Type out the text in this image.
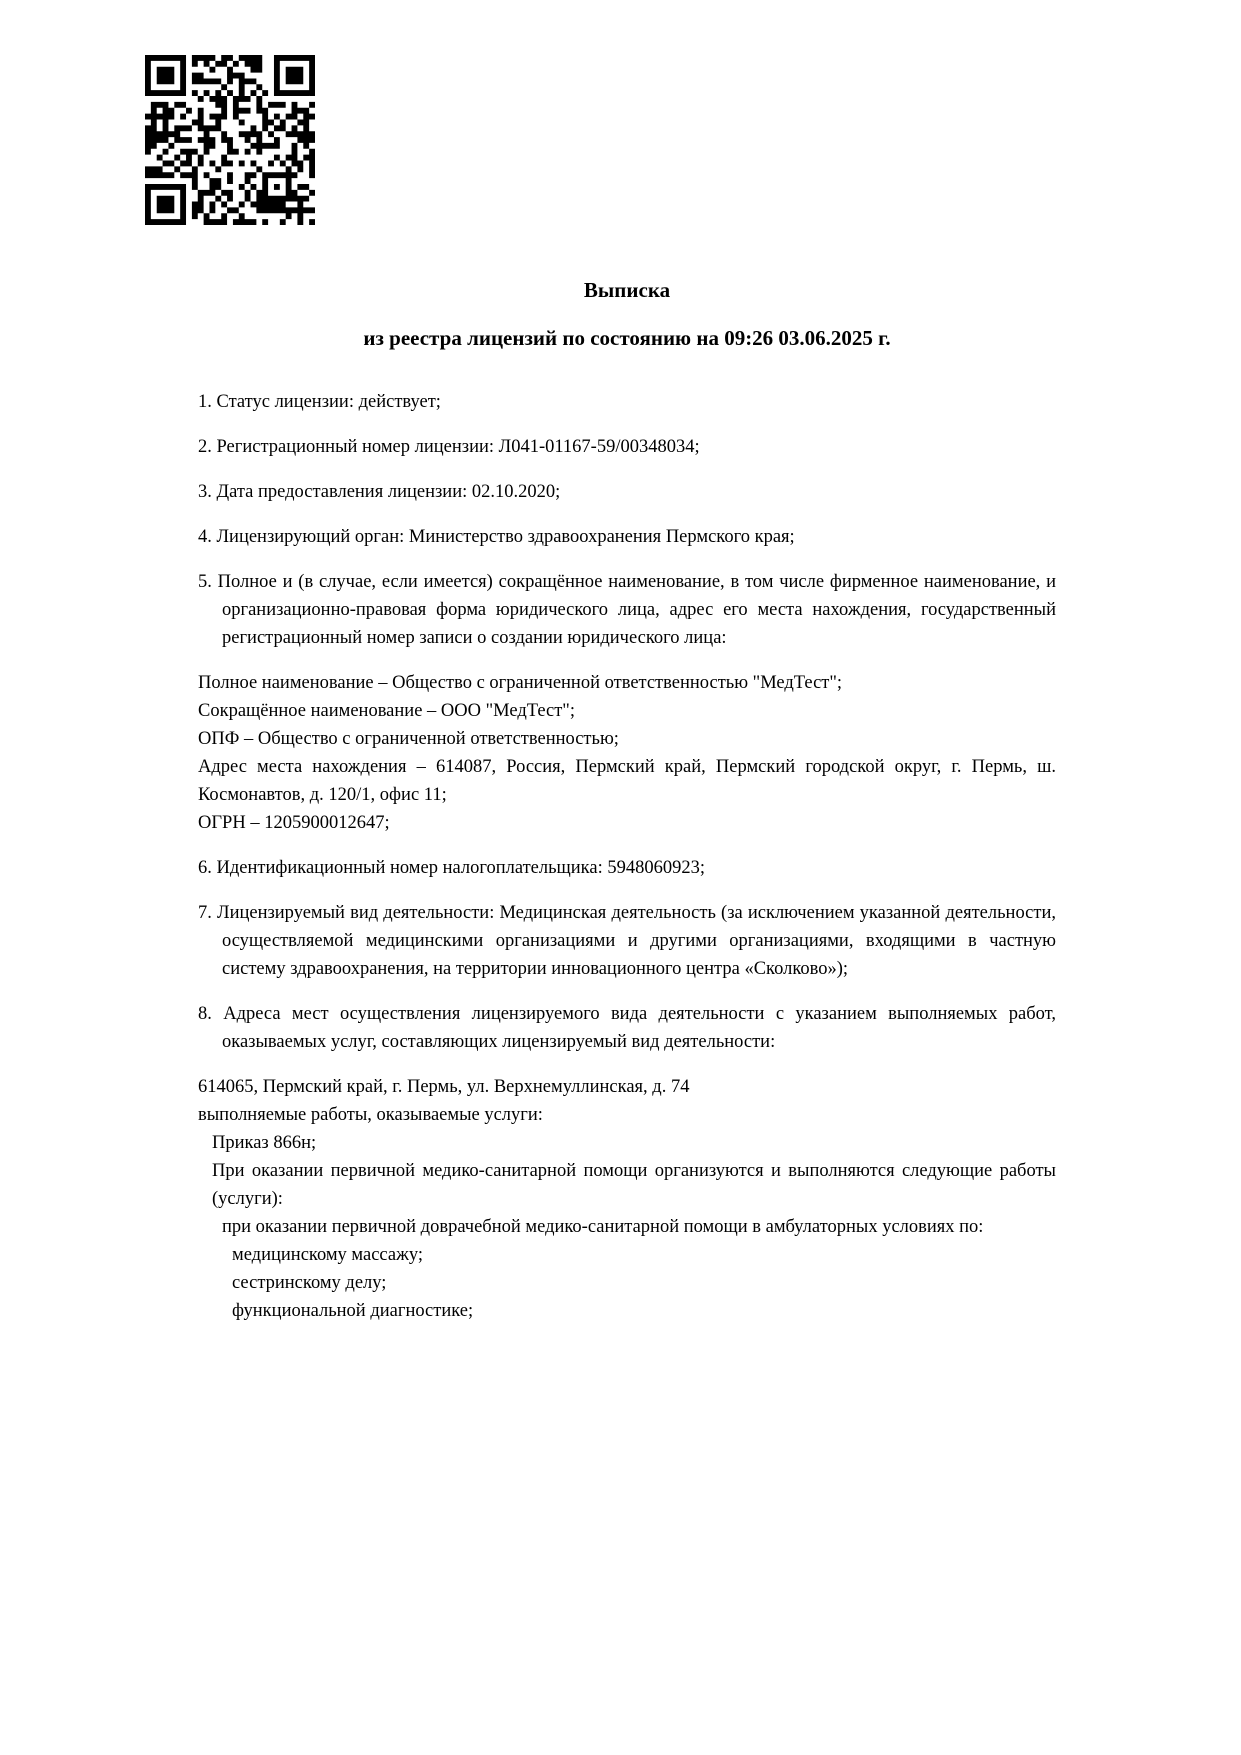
Выписка
из реестра лицензий по состоянию на 09:26 03.06.2025 г.

1. Статус лицензии: действует;

2. Регистрационный номер лицензии: Л041-01167-59/00348034;

3. Дата предоставления лицензии: 02.10.2020;

4. Лицензирующий орган: Министерство здравоохранения Пермского края;

5. Полное и (в случае, если имеется) сокращённое наименование, в том числе фирменное наименование, и организационно-правовая форма юридического лица, адрес его места нахождения, государственный регистрационный номер записи о создании юридического лица:

Полное наименование – Общество с ограниченной ответственностью "МедТест";
Сокращённое наименование – ООО "МедТест";
ОПФ – Общество с ограниченной ответственностью;
Адрес места нахождения – 614087, Россия, Пермский край, Пермский городской округ, г. Пермь, ш. Космонавтов, д. 120/1, офис 11;
ОГРН – 1205900012647;

6. Идентификационный номер налогоплательщика: 5948060923;

7. Лицензируемый вид деятельности: Медицинская деятельность (за исключением указанной деятельности, осуществляемой медицинскими организациями и другими организациями, входящими в частную систему здравоохранения, на территории инновационного центра «Сколково»);

8. Адреса мест осуществления лицензируемого вида деятельности с указанием выполняемых работ, оказываемых услуг, составляющих лицензируемый вид деятельности:

614065, Пермский край, г. Пермь, ул. Верхнемуллинская, д. 74
выполняемые работы, оказываемые услуги:
Приказ 866н;
При оказании первичной медико-санитарной помощи организуются и выполняются следующие работы (услуги):
при оказании первичной доврачебной медико-санитарной помощи в амбулаторных условиях по:
медицинскому массажу;
сестринскому делу;
функциональной диагностике;
